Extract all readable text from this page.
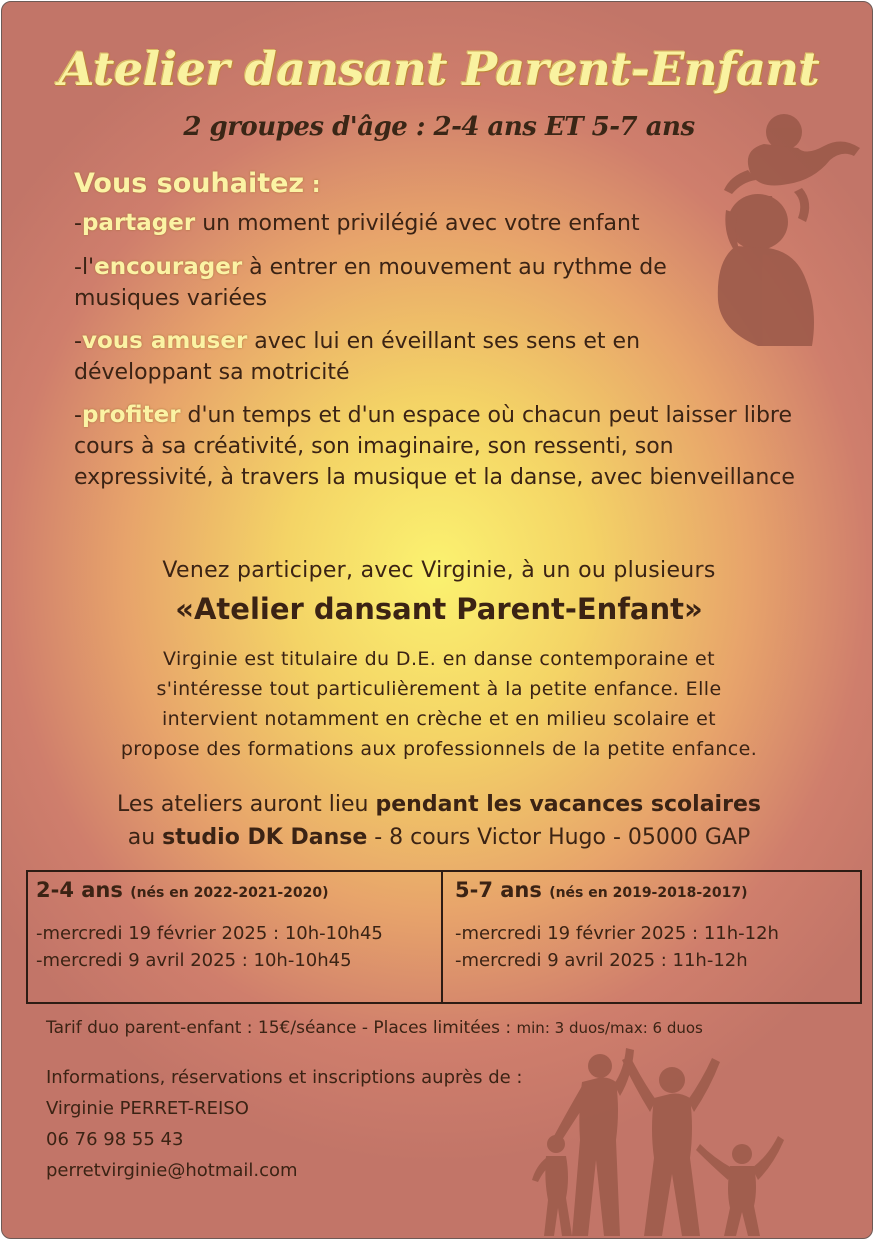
Atelier dansant Parent-Enfant
2 groupes d'âge : 2-4 ans ET 5-7 ans
Vous souhaitez :
-partager un moment privilégié avec votre enfant
-l'encourager à entrer en mouvement au rythme de musiques variées
-vous amuser avec lui en éveillant ses sens et en développant sa motricité
-profiter d'un temps et d'un espace où chacun peut laisser libre cours à sa créativité, son imaginaire, son ressenti, son expressivité, à travers la musique et la danse, avec bienveillance
Venez participer, avec Virginie, à un ou plusieurs
«Atelier dansant Parent-Enfant»
Virginie est titulaire du D.E. en danse contemporaine et
s'intéresse tout particulièrement à la petite enfance. Elle
intervient notamment en crèche et en milieu scolaire et
propose des formations aux professionnels de la petite enfance.
Les ateliers auront lieu pendant les vacances scolaires
au studio DK Danse - 8 cours Victor Hugo - 05000 GAP
2-4 ans (nés en 2022-2021-2020)
-mercredi 19 février 2025 : 10h-10h45
-mercredi 9 avril 2025 : 10h-10h45
5-7 ans (nés en 2019-2018-2017)
-mercredi 19 février 2025 : 11h-12h
-mercredi 9 avril 2025 : 11h-12h
Tarif duo parent-enfant : 15€/séance - Places limitées : min: 3 duos/max: 6 duos
Informations, réservations et inscriptions auprès de :
Virginie PERRET-REISO
06 76 98 55 43
perretvirginie@hotmail.com
